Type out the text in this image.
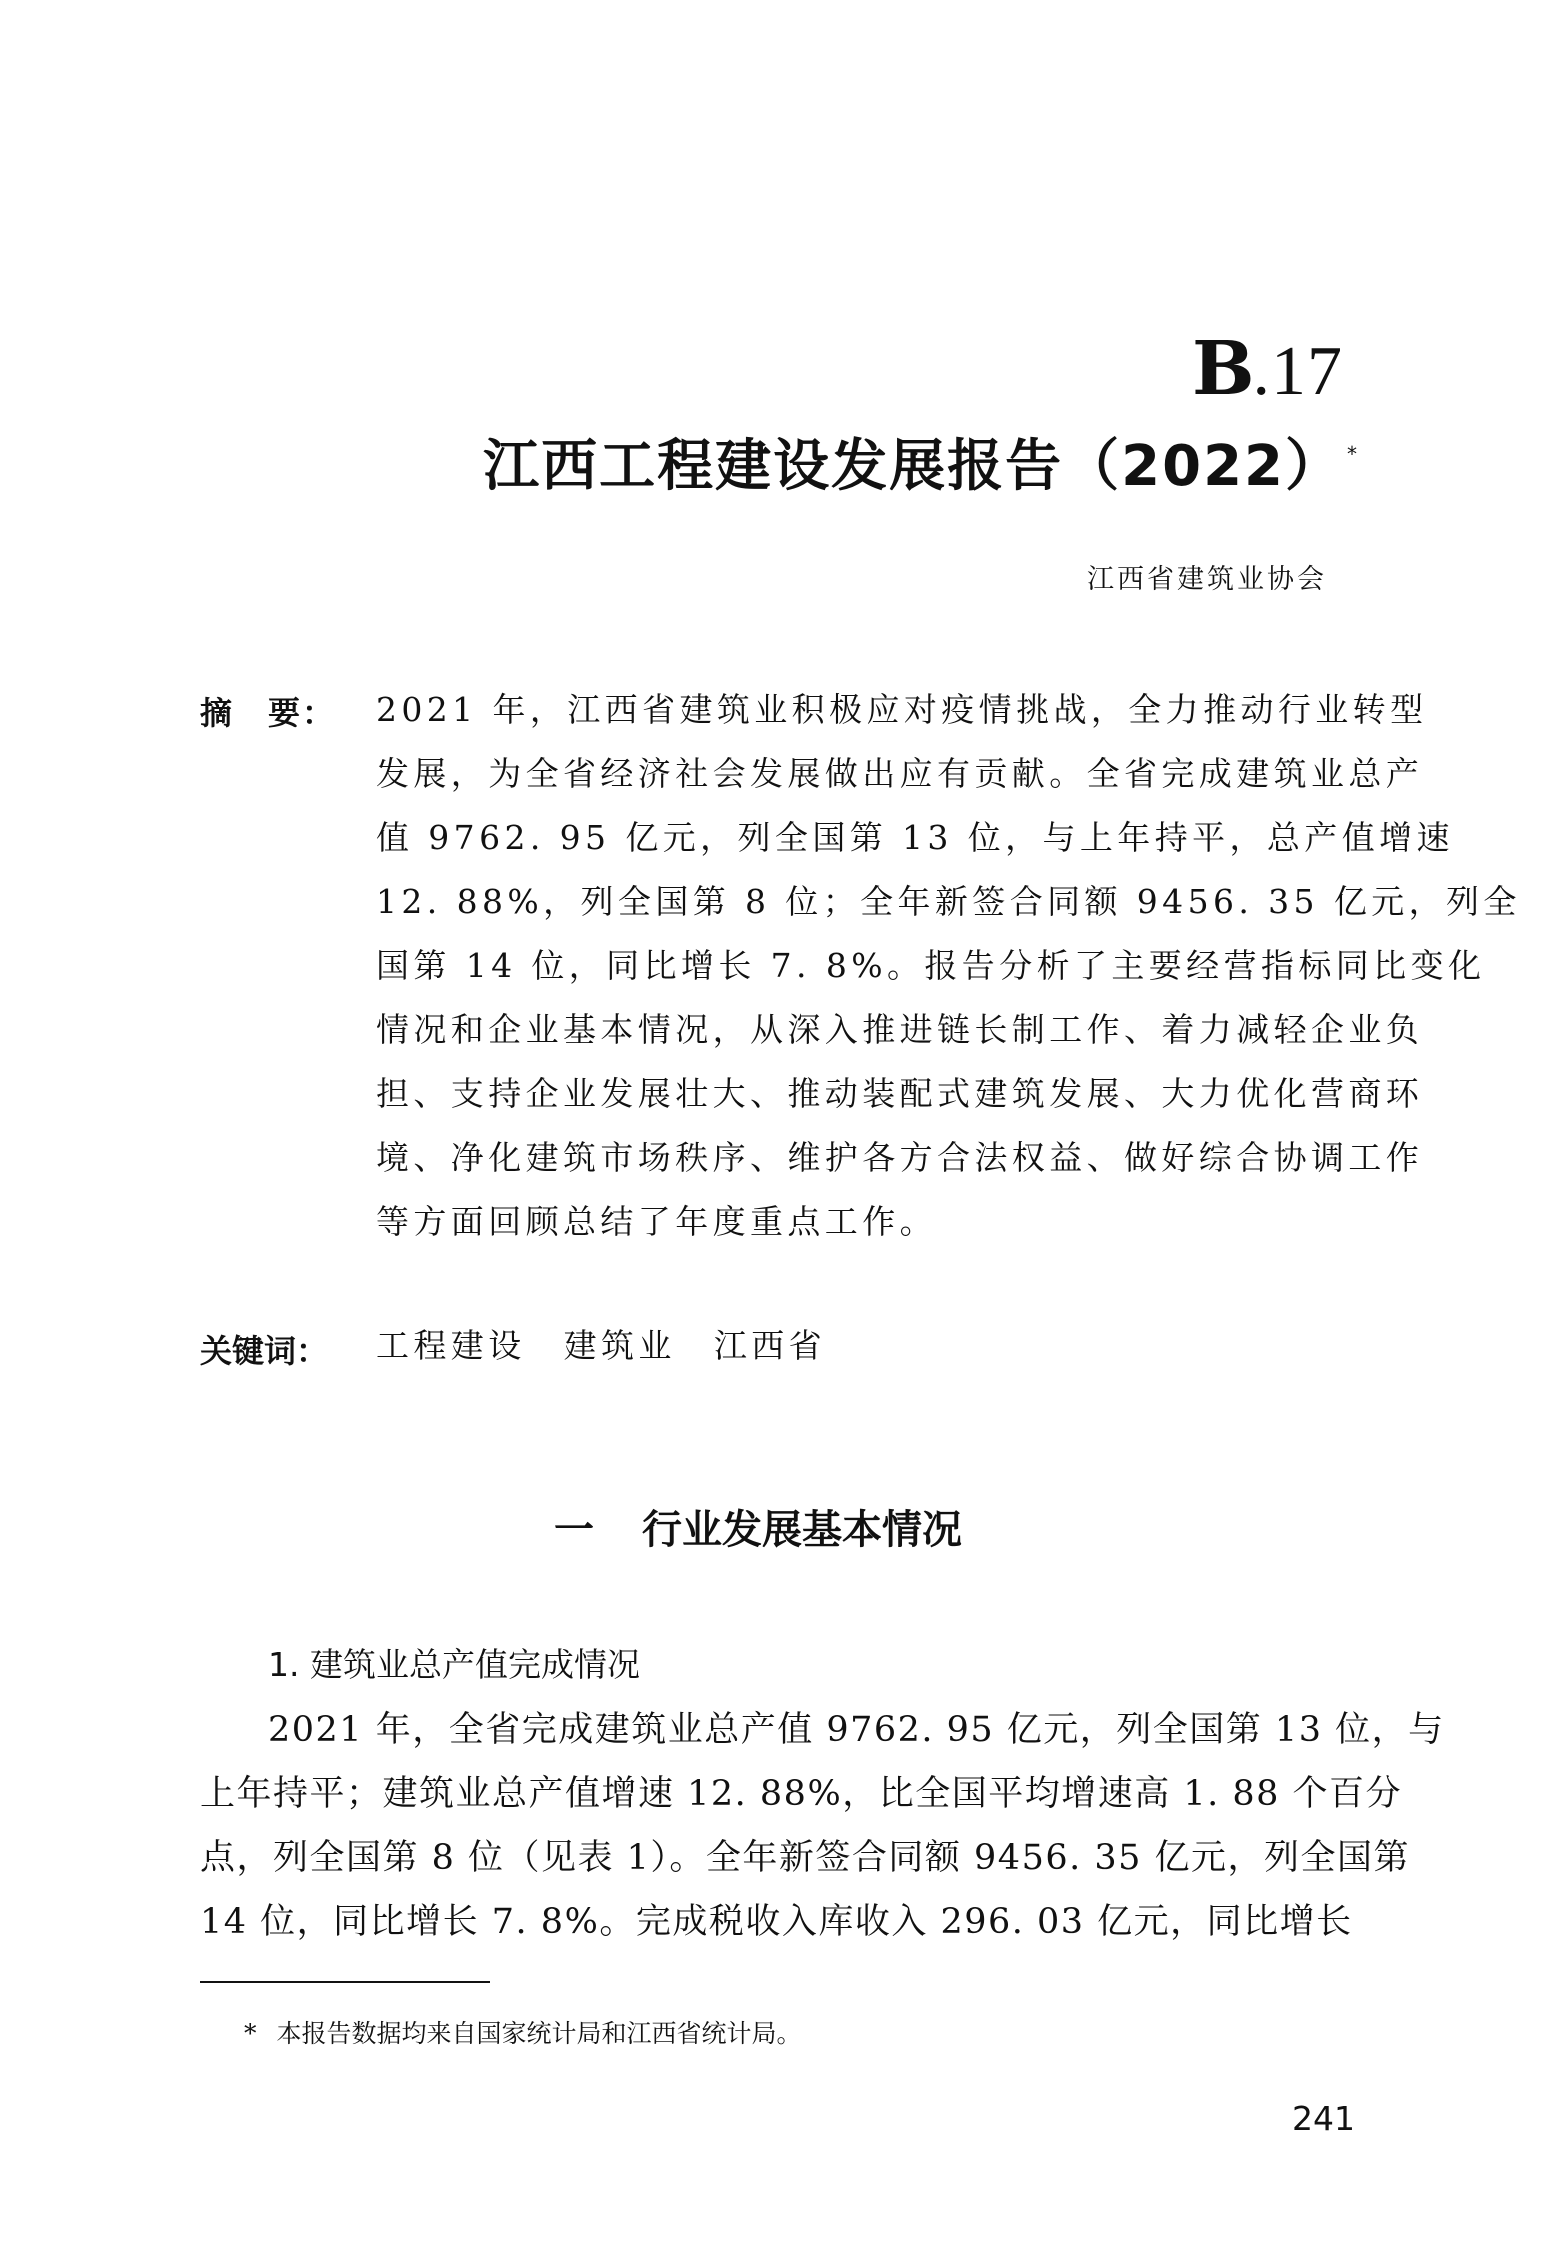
B .17
江西工程建设发展报告（2022） *
江西省建筑业协会
摘　要： 2021 年，江西省建筑业积极应对疫情挑战，全力推动行业转型
发展，为全省经济社会发展做出应有贡献。全省完成建筑业总产
值 9762. 95 亿元，列全国第 13 位，与上年持平，总产值增速
12. 88%，列全国第 8 位；全年新签合同额 9456. 35 亿元，列全
国第 14 位，同比增长 7. 8%。报告分析了主要经营指标同比变化
情况和企业基本情况，从深入推进链长制工作、着力减轻企业负
担、支持企业发展壮大、推动装配式建筑发展、大力优化营商环
境、净化建筑市场秩序、维护各方合法权益、做好综合协调工作
等方面回顾总结了年度重点工作。
关键词： 工程建设 建筑业 江西省
一 行业发展基本情况
1. 建筑业总产值完成情况
2021 年，全省完成建筑业总产值 9762. 95 亿元，列全国第 13 位，与
上年持平；建筑业总产值增速 12. 88%，比全国平均增速高 1. 88 个百分
点，列全国第 8 位（见表 1）。全年新签合同额 9456. 35 亿元，列全国第
14 位，同比增长 7. 8%。完成税收入库收入 296. 03 亿元，同比增长
* 本报告数据均来自国家统计局和江西省统计局。
241
